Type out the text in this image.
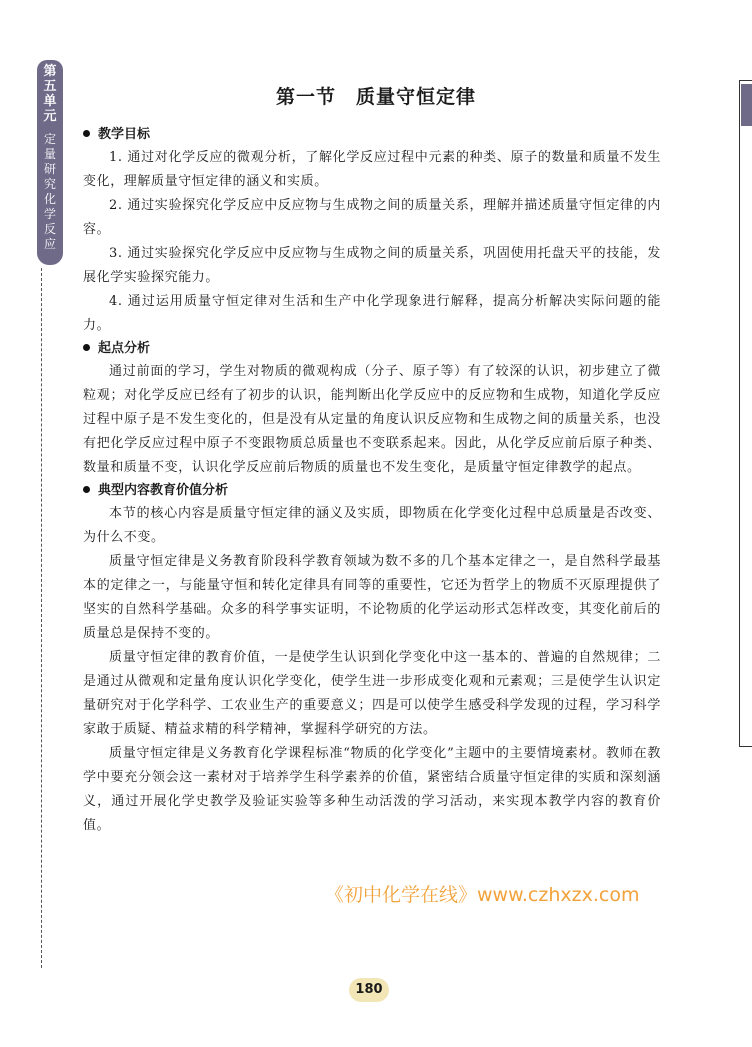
第五单元
定量研究化学反应
第一节　质量守恒定律
教学目标

1. 通过对化学反应的微观分析，了解化学反应过程中元素的种类、原子的数量和质量不发生变化，理解质量守恒定律的涵义和实质。

2. 通过实验探究化学反应中反应物与生成物之间的质量关系，理解并描述质量守恒定律的内容。

3. 通过实验探究化学反应中反应物与生成物之间的质量关系，巩固使用托盘天平的技能，发展化学实验探究能力。

4. 通过运用质量守恒定律对生活和生产中化学现象进行解释，提高分析解决实际问题的能力。

起点分析

通过前面的学习，学生对物质的微观构成（分子、原子等）有了较深的认识，初步建立了微粒观；对化学反应已经有了初步的认识，能判断出化学反应中的反应物和生成物，知道化学反应过程中原子是不发生变化的，但是没有从定量的角度认识反应物和生成物之间的质量关系，也没有把化学反应过程中原子不变跟物质总质量也不变联系起来。因此，从化学反应前后原子种类、数量和质量不变，认识化学反应前后物质的质量也不发生变化，是质量守恒定律教学的起点。

典型内容教育价值分析

本节的核心内容是质量守恒定律的涵义及实质，即物质在化学变化过程中总质量是否改变、为什么不变。

质量守恒定律是义务教育阶段科学教育领域为数不多的几个基本定律之一，是自然科学最基本的定律之一，与能量守恒和转化定律具有同等的重要性，它还为哲学上的物质不灭原理提供了坚实的自然科学基础。众多的科学事实证明，不论物质的化学运动形式怎样改变，其变化前后的质量总是保持不变的。

质量守恒定律的教育价值，一是使学生认识到化学变化中这一基本的、普遍的自然规律；二是通过从微观和定量角度认识化学变化，使学生进一步形成变化观和元素观；三是使学生认识定量研究对于化学科学、工农业生产的重要意义；四是可以使学生感受科学发现的过程，学习科学家敢于质疑、精益求精的科学精神，掌握科学研究的方法。

质量守恒定律是义务教育化学课程标准“物质的化学变化”主题中的主要情境素材。教师在教学中要充分领会这一素材对于培养学生科学素养的价值，紧密结合质量守恒定律的实质和深刻涵义，通过开展化学史教学及验证实验等多种生动活泼的学习活动，来实现本教学内容的教育价值。

《初中化学在线》www.czhxzx.com
180
